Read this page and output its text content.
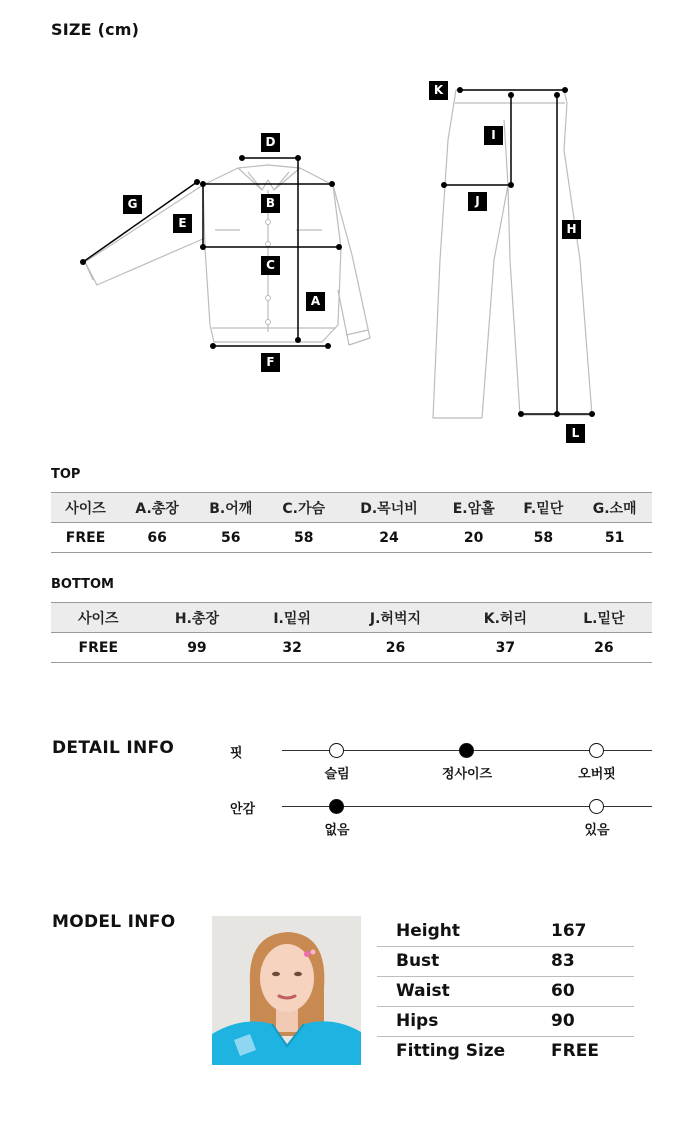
SIZE (cm)
D
B
G
E
C
A
F
K
I
J
H
L
TOP
사이즈	A.총장	B.어깨	C.가슴	D.목너비	E.암홀	F.밑단	G.소매
FREE	66	56	58	24	20	58	51
BOTTOM
사이즈	H.총장	I.밑위	J.허벅지	K.허리	L.밑단
FREE	99	32	26	37	26
DETAIL INFO	핏
슬림	정사이즈	오버핏
안감
없음	있음
MODEL INFO	Height	167
Bust	83
Waist	60
Hips	90
Fitting Size	FREE
